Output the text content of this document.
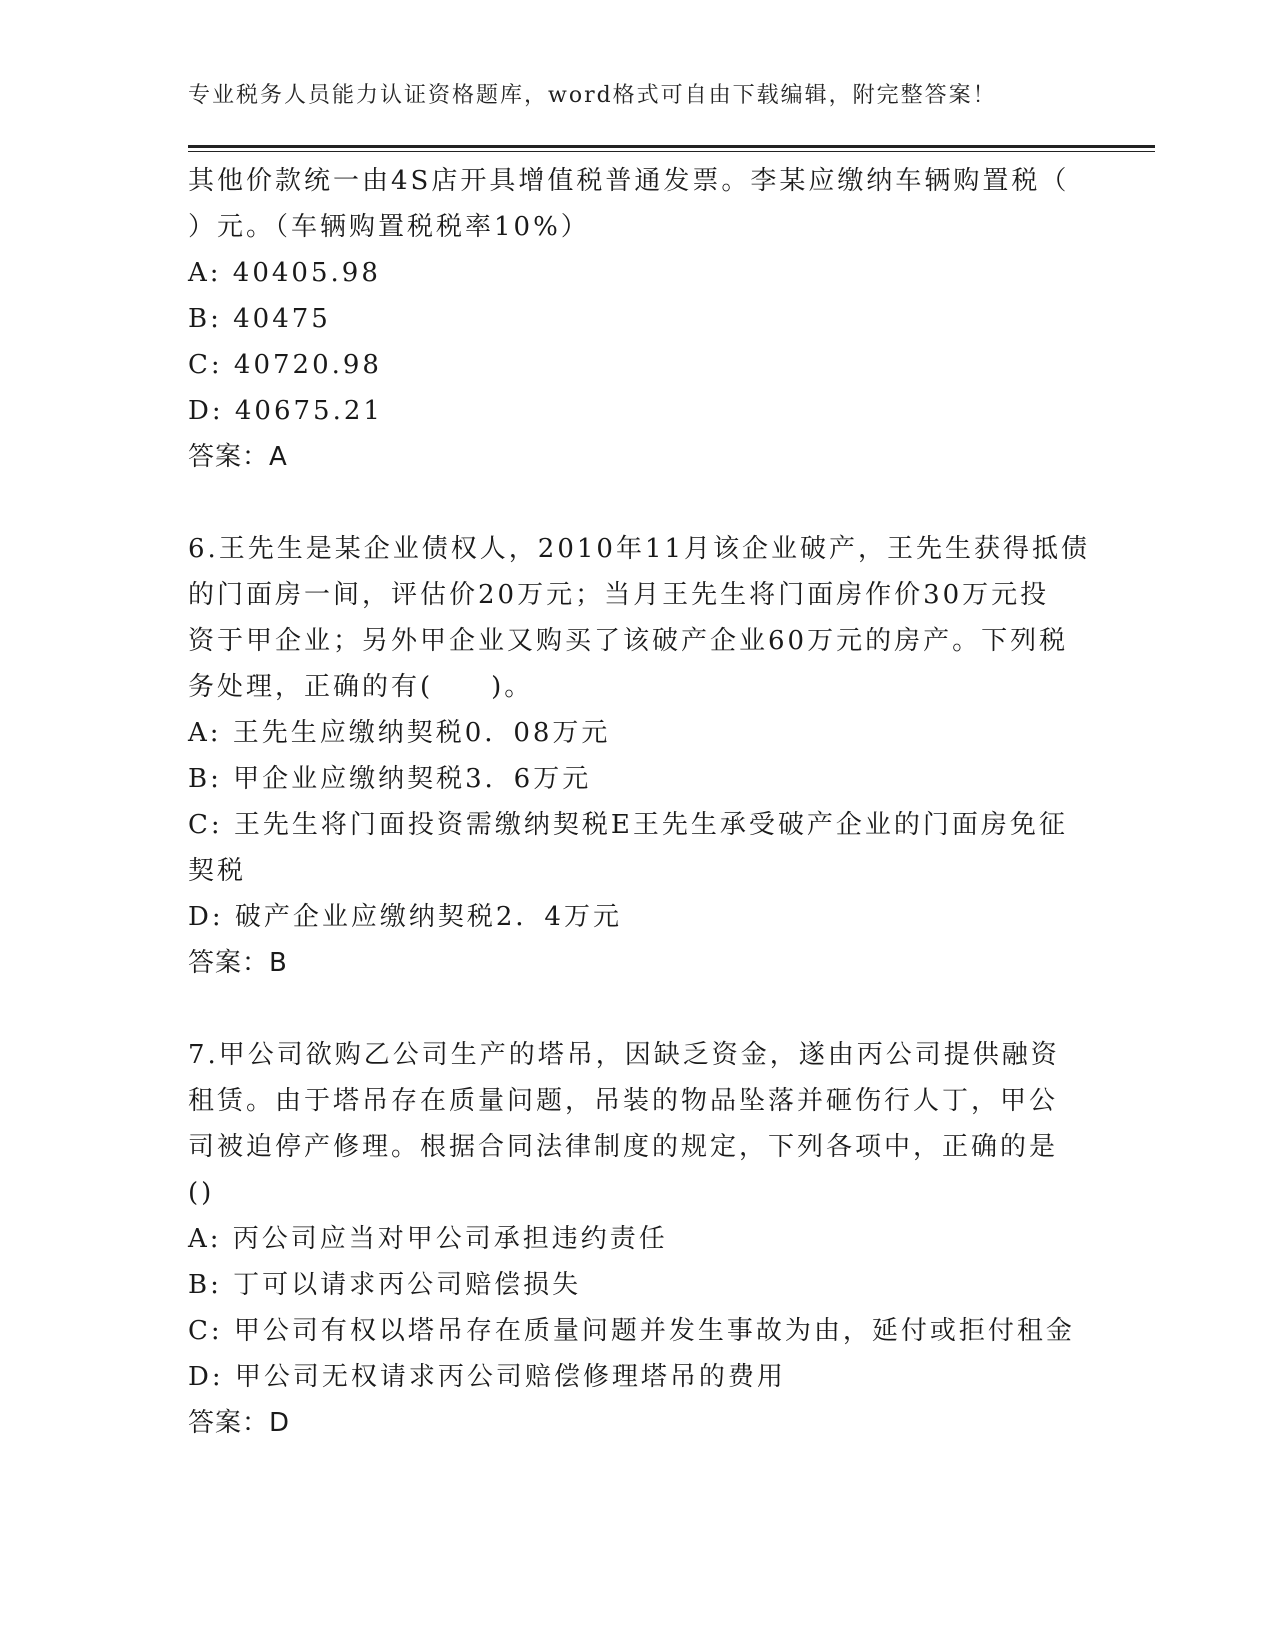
专业税务人员能力认证资格题库，word格式可自由下载编辑，附完整答案！
其他价款统一由4S店开具增值税普通发票。李某应缴纳车辆购置税（
）元。（车辆购置税税率10%）
A: 40405.98
B: 40475
C: 40720.98
D: 40675.21
答案：A
6.王先生是某企业债权人，2010年11月该企业破产，王先生获得抵债
的门面房一间，评估价20万元；当月王先生将门面房作价30万元投
资于甲企业；另外甲企业又购买了该破产企业60万元的房产。下列税
务处理，正确的有(　　)。
A: 王先生应缴纳契税0．08万元
B: 甲企业应缴纳契税3．6万元
C: 王先生将门面投资需缴纳契税E王先生承受破产企业的门面房免征
契税
D: 破产企业应缴纳契税2．4万元
答案：B
7.甲公司欲购乙公司生产的塔吊，因缺乏资金，遂由丙公司提供融资
租赁。由于塔吊存在质量问题，吊装的物品坠落并砸伤行人丁，甲公
司被迫停产修理。根据合同法律制度的规定，下列各项中，正确的是
()
A: 丙公司应当对甲公司承担违约责任
B: 丁可以请求丙公司赔偿损失
C: 甲公司有权以塔吊存在质量问题并发生事故为由，延付或拒付租金
D: 甲公司无权请求丙公司赔偿修理塔吊的费用
答案：D
